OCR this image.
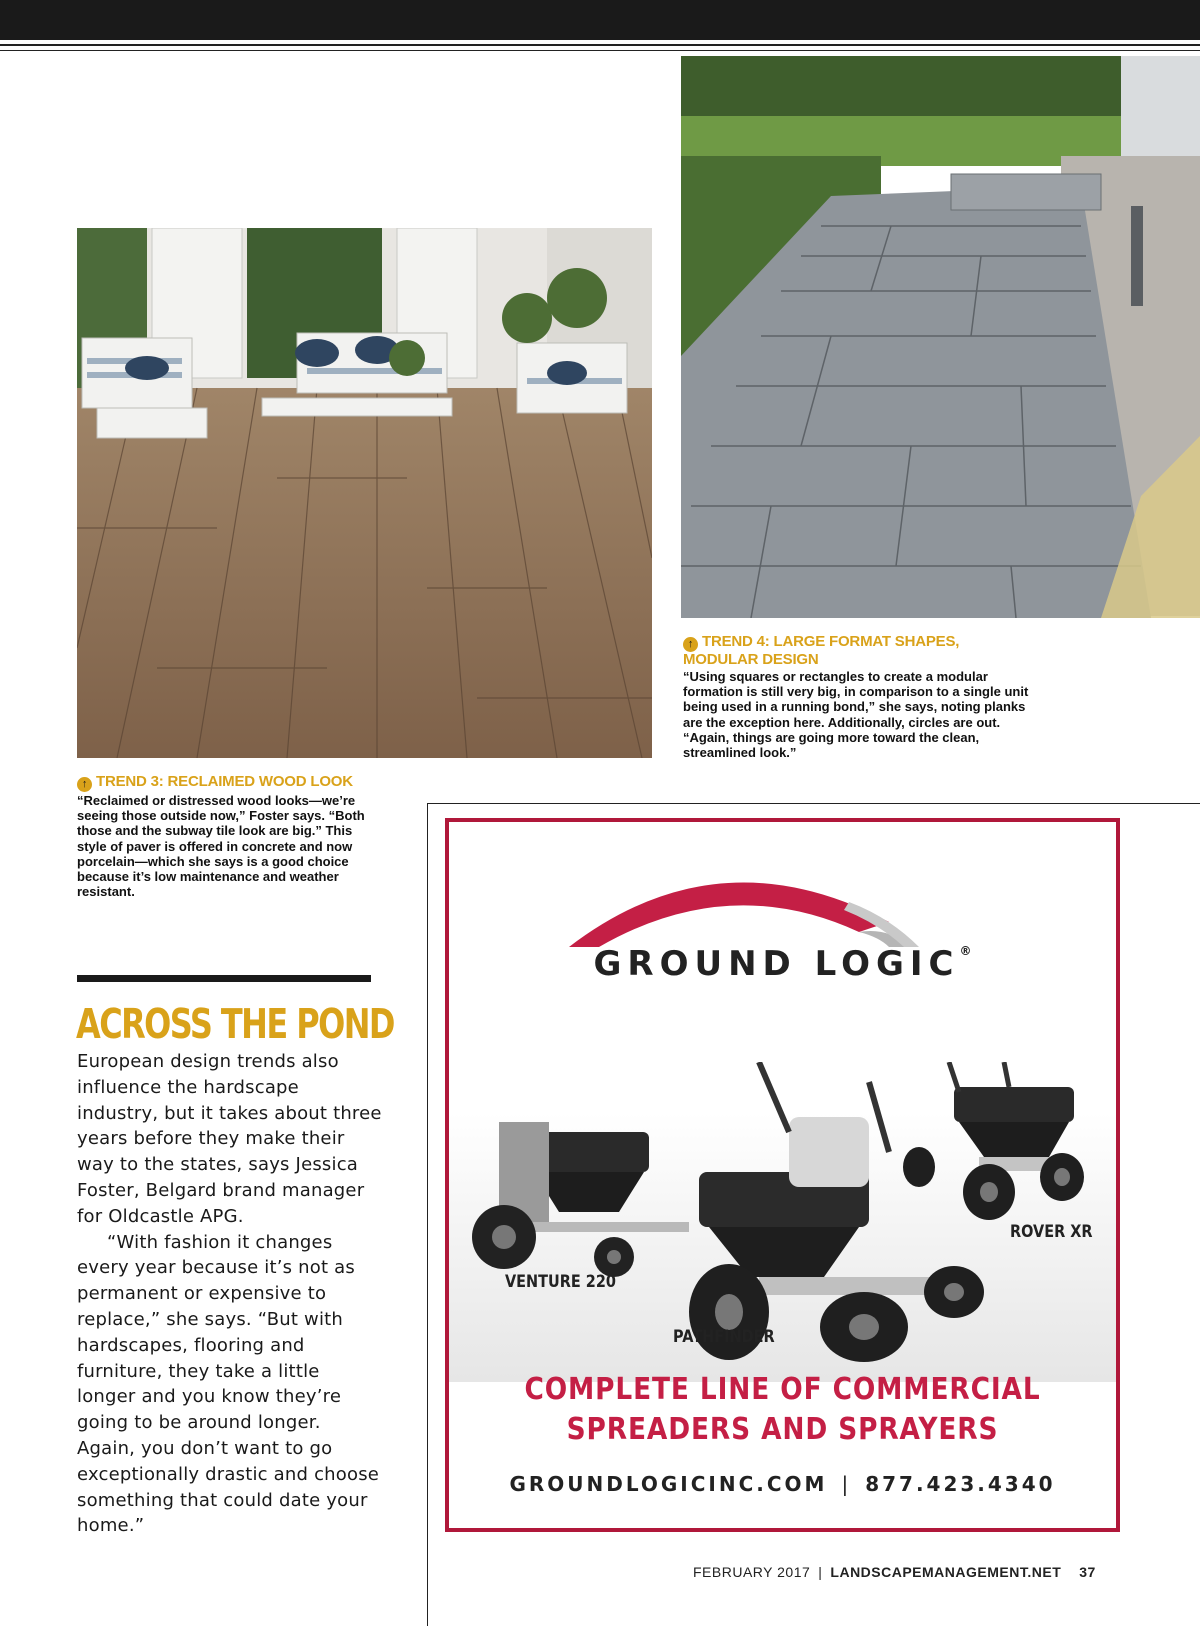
↑ TREND 4: LARGE FORMAT SHAPES, MODULAR DESIGN
“Using squares or rectangles to create a modular formation is still very big, in comparison to a single unit being used in a running bond,” she says, noting planks are the exception here. Additionally, circles are out. “Again, things are going more toward the clean, streamlined look.”
↑ TREND 3: RECLAIMED WOOD LOOK
“Reclaimed or distressed wood looks—we’re seeing those outside now,” Foster says. “Both those and the subway tile look are big.” This style of paver is offered in concrete and now porcelain—which she says is a good choice because it’s low maintenance and weather resistant.
ACROSS THE POND

European design trends also influence the hardscape industry, but it takes about three years before they make their way to the states, says Jessica Foster, Belgard brand manager for Oldcastle APG.

“With fashion it changes every year because it’s not as permanent or expensive to replace,” she says. “But with hardscapes, flooring and furniture, they take a little longer and you know they’re going to be around longer. Again, you don’t want to go exceptionally drastic and choose something that could date your home.”

GROUND LOGIC®
VENTURE 220
PATHFINDER
ROVER XR
COMPLETE LINE OF COMMERCIAL
SPREADERS AND SPRAYERS
GROUNDLOGICINC.COM | 877.423.4340
FEBRUARY 2017 | LANDSCAPEMANAGEMENT.NET 37
